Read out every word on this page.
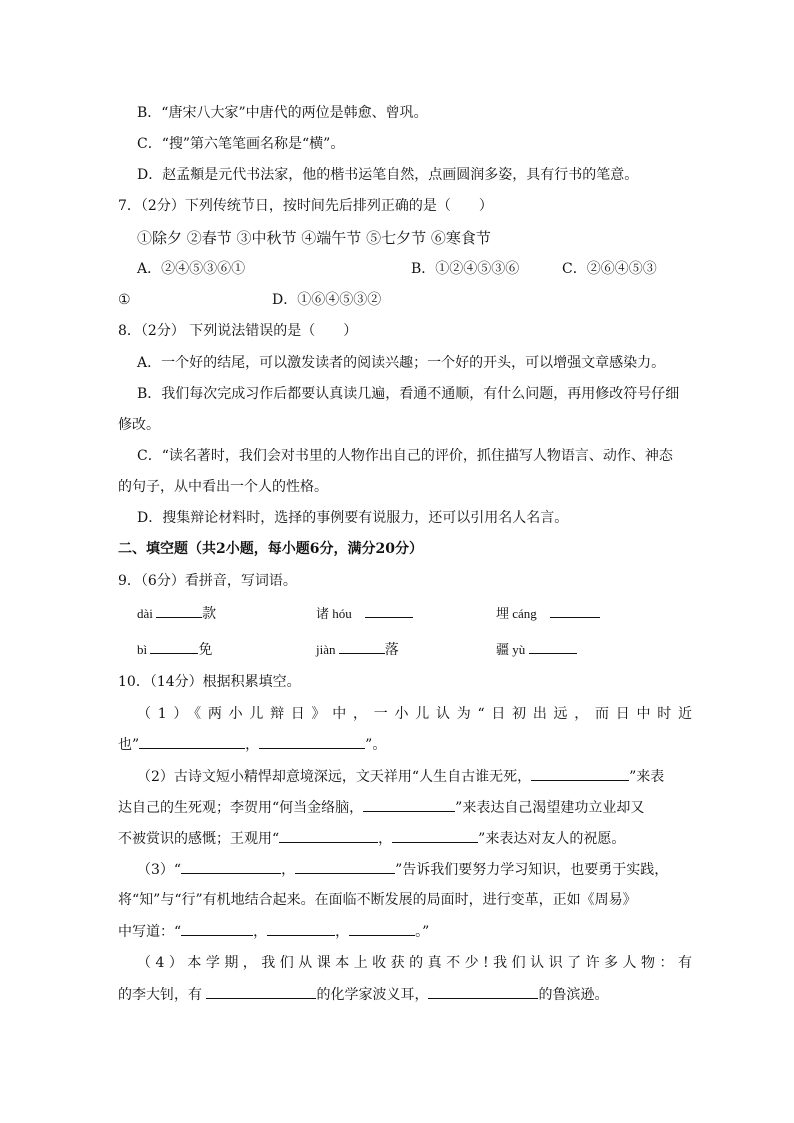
B．“唐宋八大家”中唐代的两位是韩愈、曾巩。
C．“搜”第六笔笔画名称是“横”。
D．赵孟頫是元代书法家，他的楷书运笔自然，点画圆润多姿，具有行书的笔意。
7．（2分）下列传统节日，按时间先后排列正确的是（　　）
①除夕 ②春节 ③中秋节 ④端午节 ⑤七夕节 ⑥寒食节
A．②④⑤③⑥①	B．①②④⑤③⑥	C．②⑥④⑤③
①	D．①⑥④⑤③②
8．（2分） 下列说法错误的是（　　）
A．一个好的结尾，可以激发读者的阅读兴趣；一个好的开头，可以增强文章感染力。
B．我们每次完成习作后都要认真读几遍，看通不通顺，有什么问题，再用修改符号仔细
修改。
C．“读名著时，我们会对书里的人物作出自己的评价，抓住描写人物语言、动作、神态
的句子，从中看出一个人的性格。
D．搜集辩论材料时，选择的事例要有说服力，还可以引用名人名言。
二、填空题（共2小题，每小题6分，满分20分）
9．（6分）看拼音，写词语。
dài	款	诸 hóu	埋 cáng
bì	免	jiàn	落	疆 yù
10．（14分）根据积累填空。
（1）《两小儿辩日》中，一小儿认为“日初出远，而日中时近
也”	，	”。
（2）古诗文短小精悍却意境深远，文天祥用“人生自古谁无死，	”来表
达自己的生死观；李贺用“何当金络脑，	”来表达自己渴望建功立业却又
不被赏识的感慨；王观用“	，	”来表达对友人的祝愿。
（3）“	，	”告诉我们要努力学习知识，也要勇于实践，
将“知”与“行”有机地结合起来。在面临不断发展的局面时，进行变革，正如《周易》
中写道：“	，	，	。”
（4）本学期，我们从课本上收获的真不少!我们认识了许多人物：有
的李大钊，有	的化学家波义耳，	的鲁滨逊。
